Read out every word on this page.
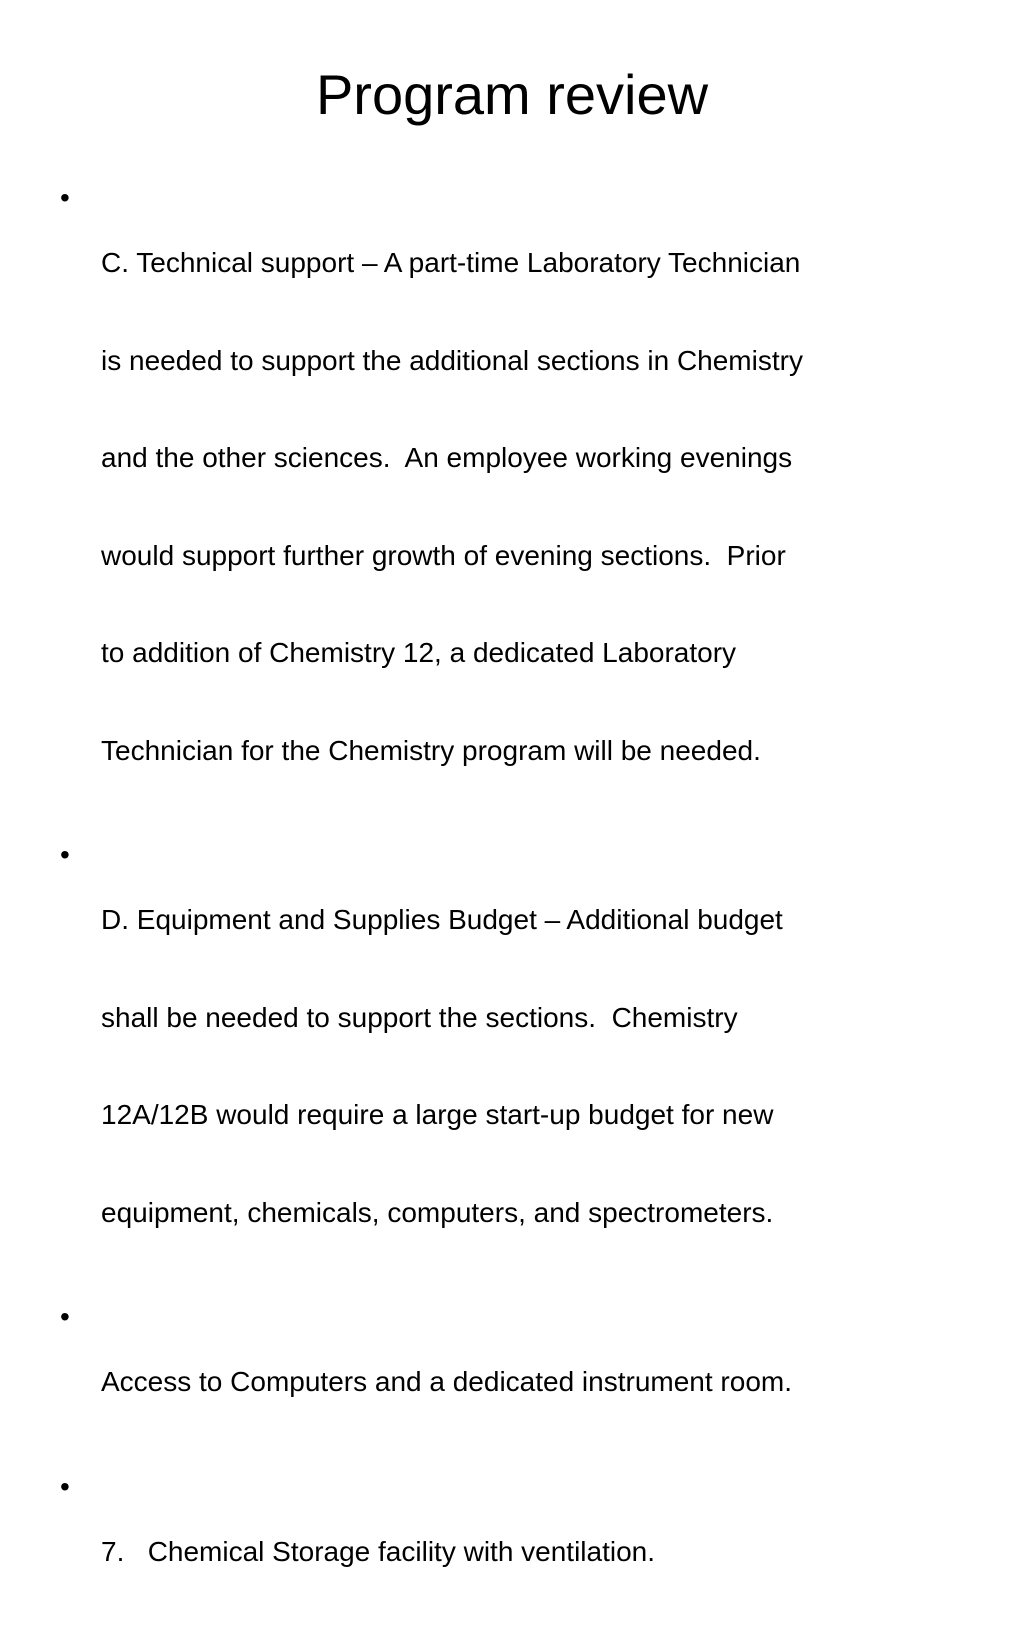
Program review
•

C. Technical support – A part-time Laboratory Technician

is needed to support the additional sections in Chemistry

and the other sciences.  An employee working evenings

would support further growth of evening sections.  Prior

to addition of Chemistry 12, a dedicated Laboratory

Technician for the Chemistry program will be needed.

•

D. Equipment and Supplies Budget – Additional budget

shall be needed to support the sections.  Chemistry

12A/12B would require a large start-up budget for new

equipment, chemicals, computers, and spectrometers.

•

Access to Computers and a dedicated instrument room.

•

7.   Chemical Storage facility with ventilation.
